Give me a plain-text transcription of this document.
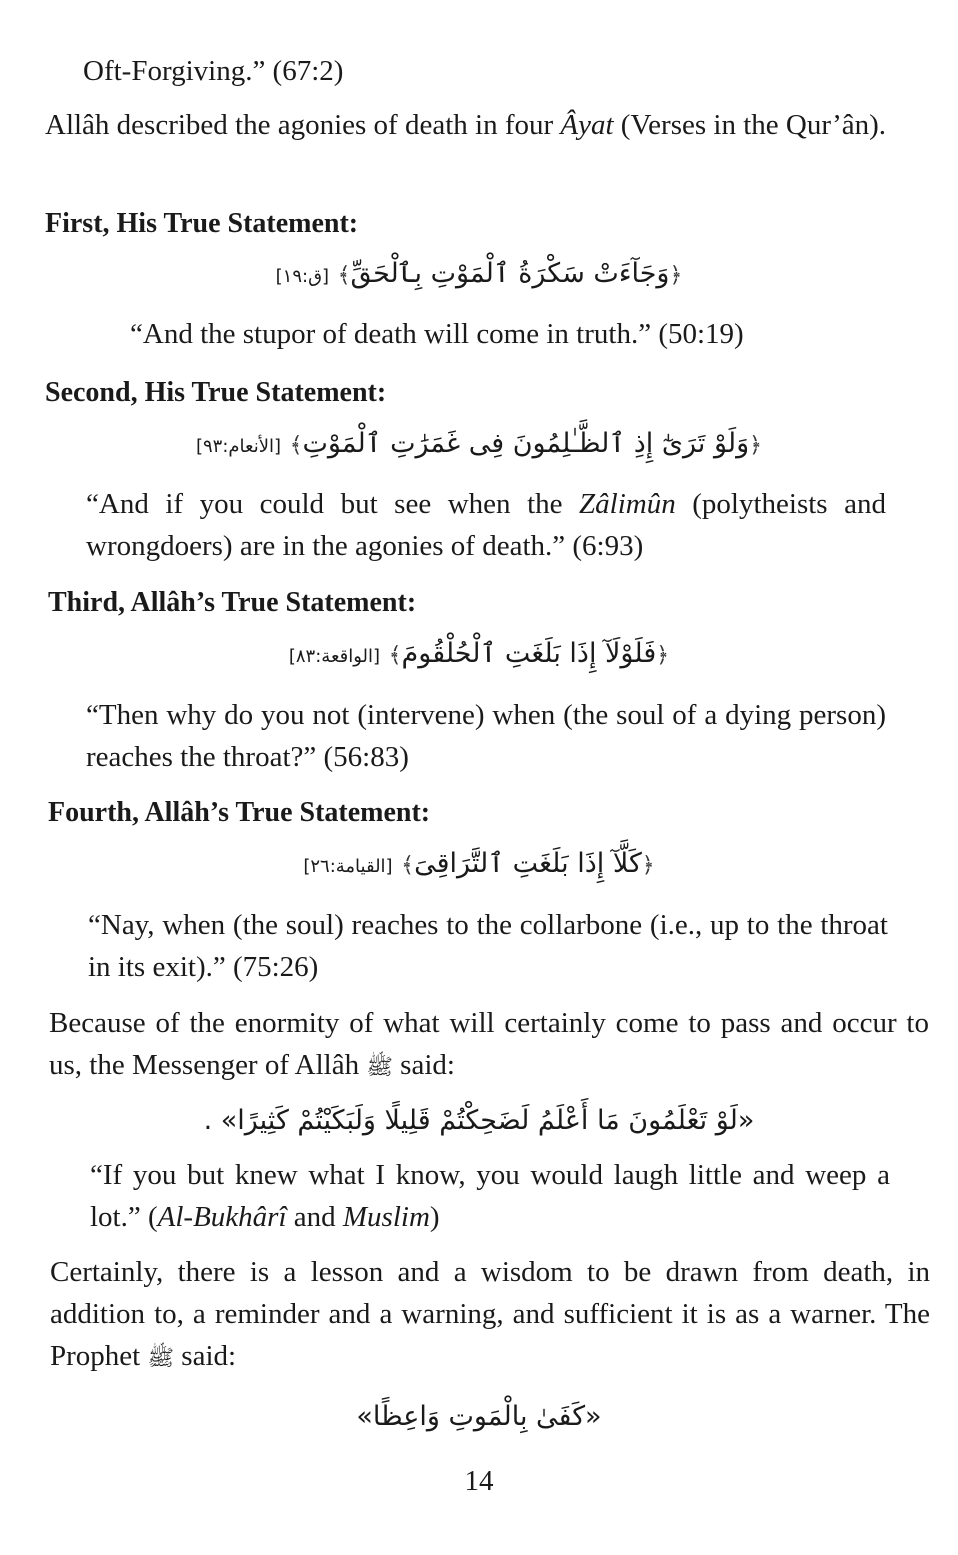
Oft-Forgiving.” (67:2)

Allâh described the agonies of death in four Âyat (Verses in the Qur’ân).

First, His True Statement:

﴿وَجَآءَتْ سَكْرَةُ ٱلْمَوْتِ بِٱلْحَقِّ﴾ [ق:١٩]

“And the stupor of death will come in truth.” (50:19)

Second, His True Statement:

﴿وَلَوْ تَرَىٰٓ إِذِ ٱلظَّـٰلِمُونَ فِى غَمَرَٰتِ ٱلْمَوْتِ﴾ [الأنعام:٩٣]

“And if you could but see when the Zâlimûn (polytheists and wrongdoers) are in the agonies of death.” (6:93)

Third, Allâh’s True Statement:

﴿فَلَوْلَآ إِذَا بَلَغَتِ ٱلْحُلْقُومَ﴾ [الواقعة:٨٣]

“Then why do you not (intervene) when (the soul of a dying person) reaches the throat?” (56:83)

Fourth, Allâh’s True Statement:

﴿كَلَّآ إِذَا بَلَغَتِ ٱلتَّرَاقِىَ﴾ [القيامة:٢٦]

“Nay, when (the soul) reaches to the collarbone (i.e., up to the throat in its exit).” (75:26)

Because of the enormity of what will certainly come to pass and occur to us, the Messenger of Allâh ﷺ said:

«لَوْ تَعْلَمُونَ مَا أَعْلَمُ لَضَحِكْتُمْ قَلِيلًا وَلَبَكَيْتُمْ كَثِيرًا» .

“If you but knew what I know, you would laugh little and weep a lot.” (Al-Bukhârî and Muslim)

Certainly, there is a lesson and a wisdom to be drawn from death, in addition to, a reminder and a warning, and sufficient it is as a warner. The Prophet ﷺ said:

«كَفَىٰ بِالْمَوتِ وَاعِظًا»

14
